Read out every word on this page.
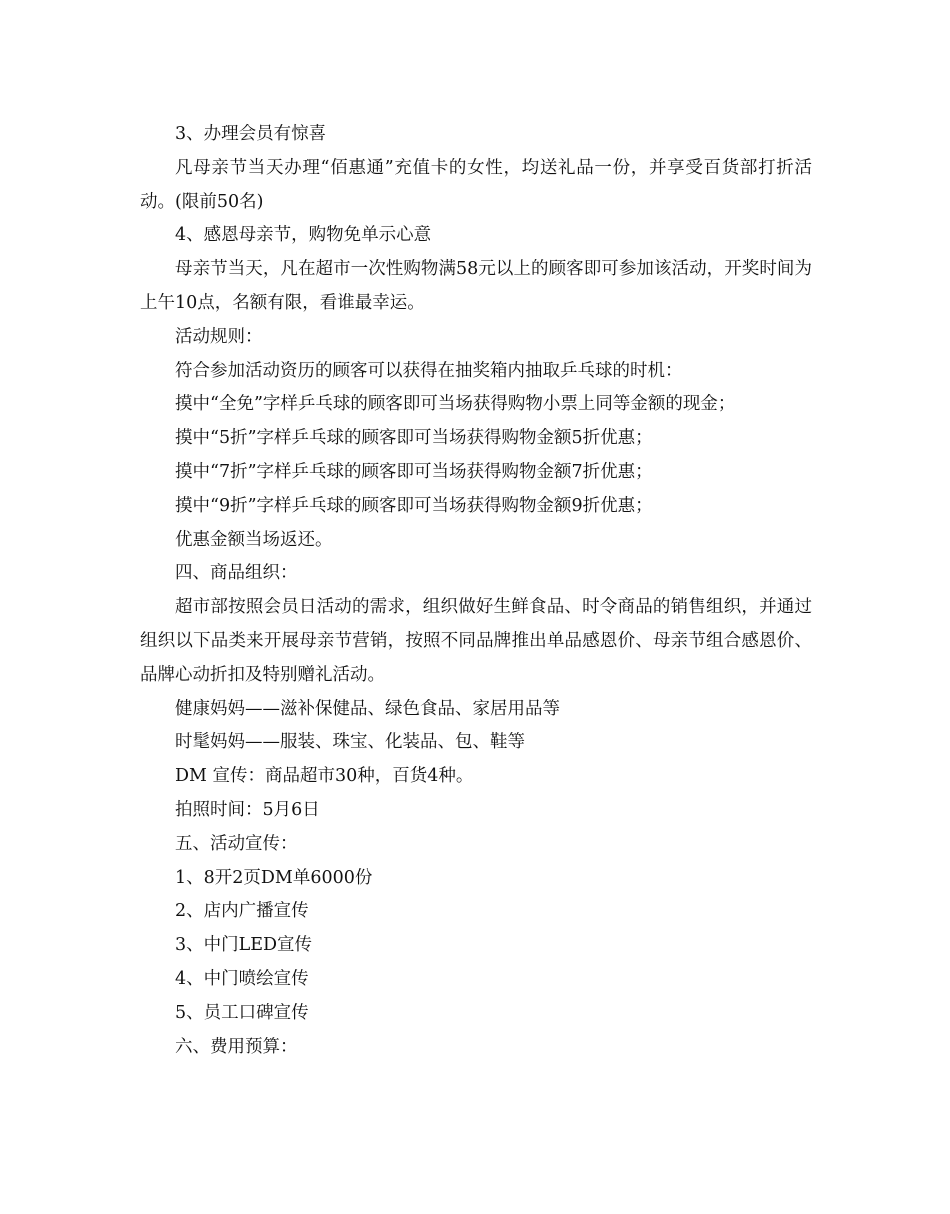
3、办理会员有惊喜

凡母亲节当天办理“佰惠通”充值卡的女性，均送礼品一份，并享受百货部打折活动。(限前50名)

4、感恩母亲节，购物免单示心意

母亲节当天，凡在超市一次性购物满58元以上的顾客即可参加该活动，开奖时间为上午10点，名额有限，看谁最幸运。

活动规则：

符合参加活动资历的顾客可以获得在抽奖箱内抽取乒乓球的时机：

摸中“全免”字样乒乓球的顾客即可当场获得购物小票上同等金额的现金；

摸中“5折”字样乒乓球的顾客即可当场获得购物金额5折优惠；

摸中“7折”字样乒乓球的顾客即可当场获得购物金额7折优惠；

摸中“9折”字样乒乓球的顾客即可当场获得购物金额9折优惠；

优惠金额当场返还。

四、商品组织：

超市部按照会员日活动的需求，组织做好生鲜食品、时令商品的销售组织，并通过组织以下品类来开展母亲节营销，按照不同品牌推出单品感恩价、母亲节组合感恩价、品牌心动折扣及特别赠礼活动。

健康妈妈——滋补保健品、绿色食品、家居用品等

时髦妈妈——服装、珠宝、化装品、包、鞋等

DM 宣传：商品超市30种，百货4种。

拍照时间：5月6日

五、活动宣传：

1、8开2页DM单6000份

2、店内广播宣传

3、中门LED宣传

4、中门喷绘宣传

5、员工口碑宣传

六、费用预算：
